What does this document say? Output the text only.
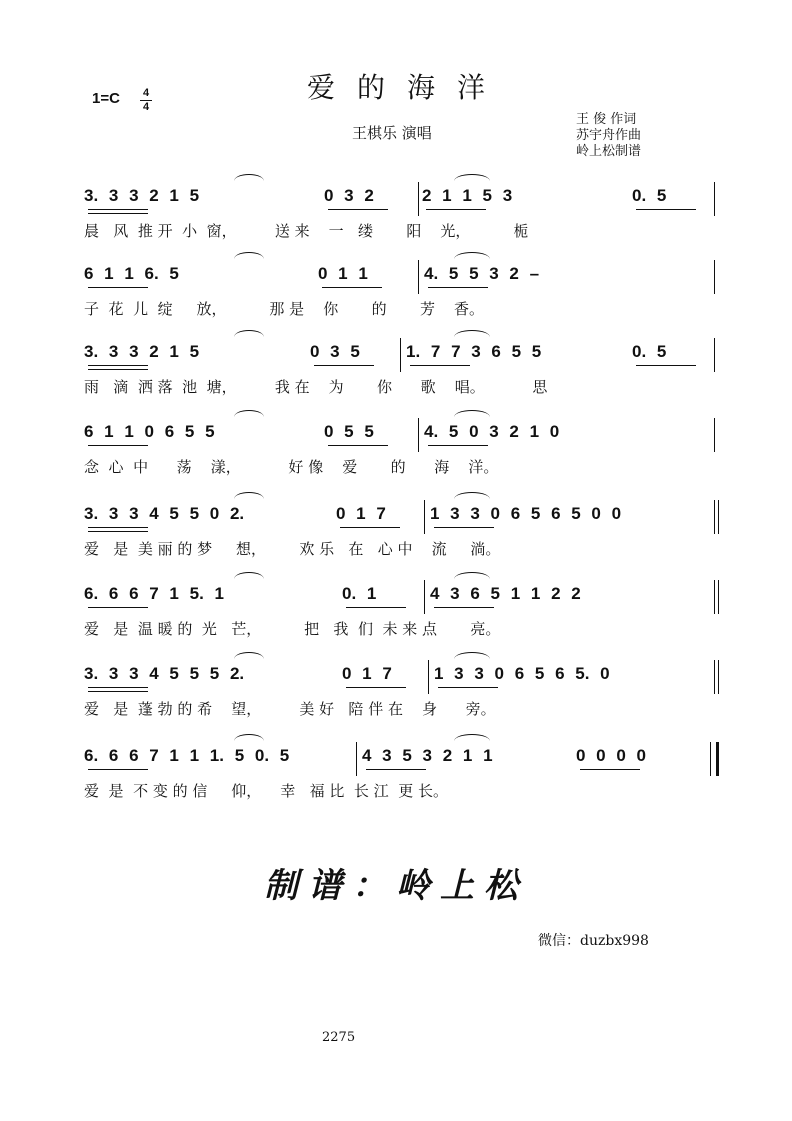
1=C 4
4
爱的海洋
王棋乐 演唱
王 俊 作词
苏宇舟作曲
岭上松制谱
3. 3 3 2 1 5	0 3 2	2 1 1 5 3	0. 5
晨   风  推 开  小  窗，        送 来    一   缕       阳    光，         栀
6 1 1 6. 5	0 1 1	4. 5 5 3 2 –
子  花  儿  绽     放，         那 是    你       的       芳    香。
3. 3 3 2 1 5	0 3 5	1. 7 7 3 6 5 5	0. 5
雨   滴  洒 落  池  塘，        我 在    为       你      歌    唱。          思
6 1 1 0 6 5 5	0 5 5	4. 5 0 3 2 1 0
念  心  中      荡    漾，          好 像    爱       的      海    洋。
3. 3 3 4 5 5 0 2.	0 1 7	1 3 3 0 6 5 6 5 0 0
爱   是  美 丽 的 梦     想，       欢 乐   在   心 中    流     淌。
6. 6 6 7 1 5. 1	0. 1	4 3 6 5 1 1 2 2
爱   是  温 暖 的  光   芒，         把   我  们  未 来 点       亮。
3. 3 3 4 5 5 5 2.	0 1 7 1 3 3 0 6 5 6 5. 0
爱   是  蓬 勃 的 希    望，        美 好   陪 伴 在    身      旁。
6. 6 6 7 1 1 1. 5 0. 5	4 3 5 3 2 1 1	0 0 0 0
爱  是  不 变 的 信     仰，    幸   福 比  长 江  更 长。
制谱：岭上松
微信：duzbx998
2275
